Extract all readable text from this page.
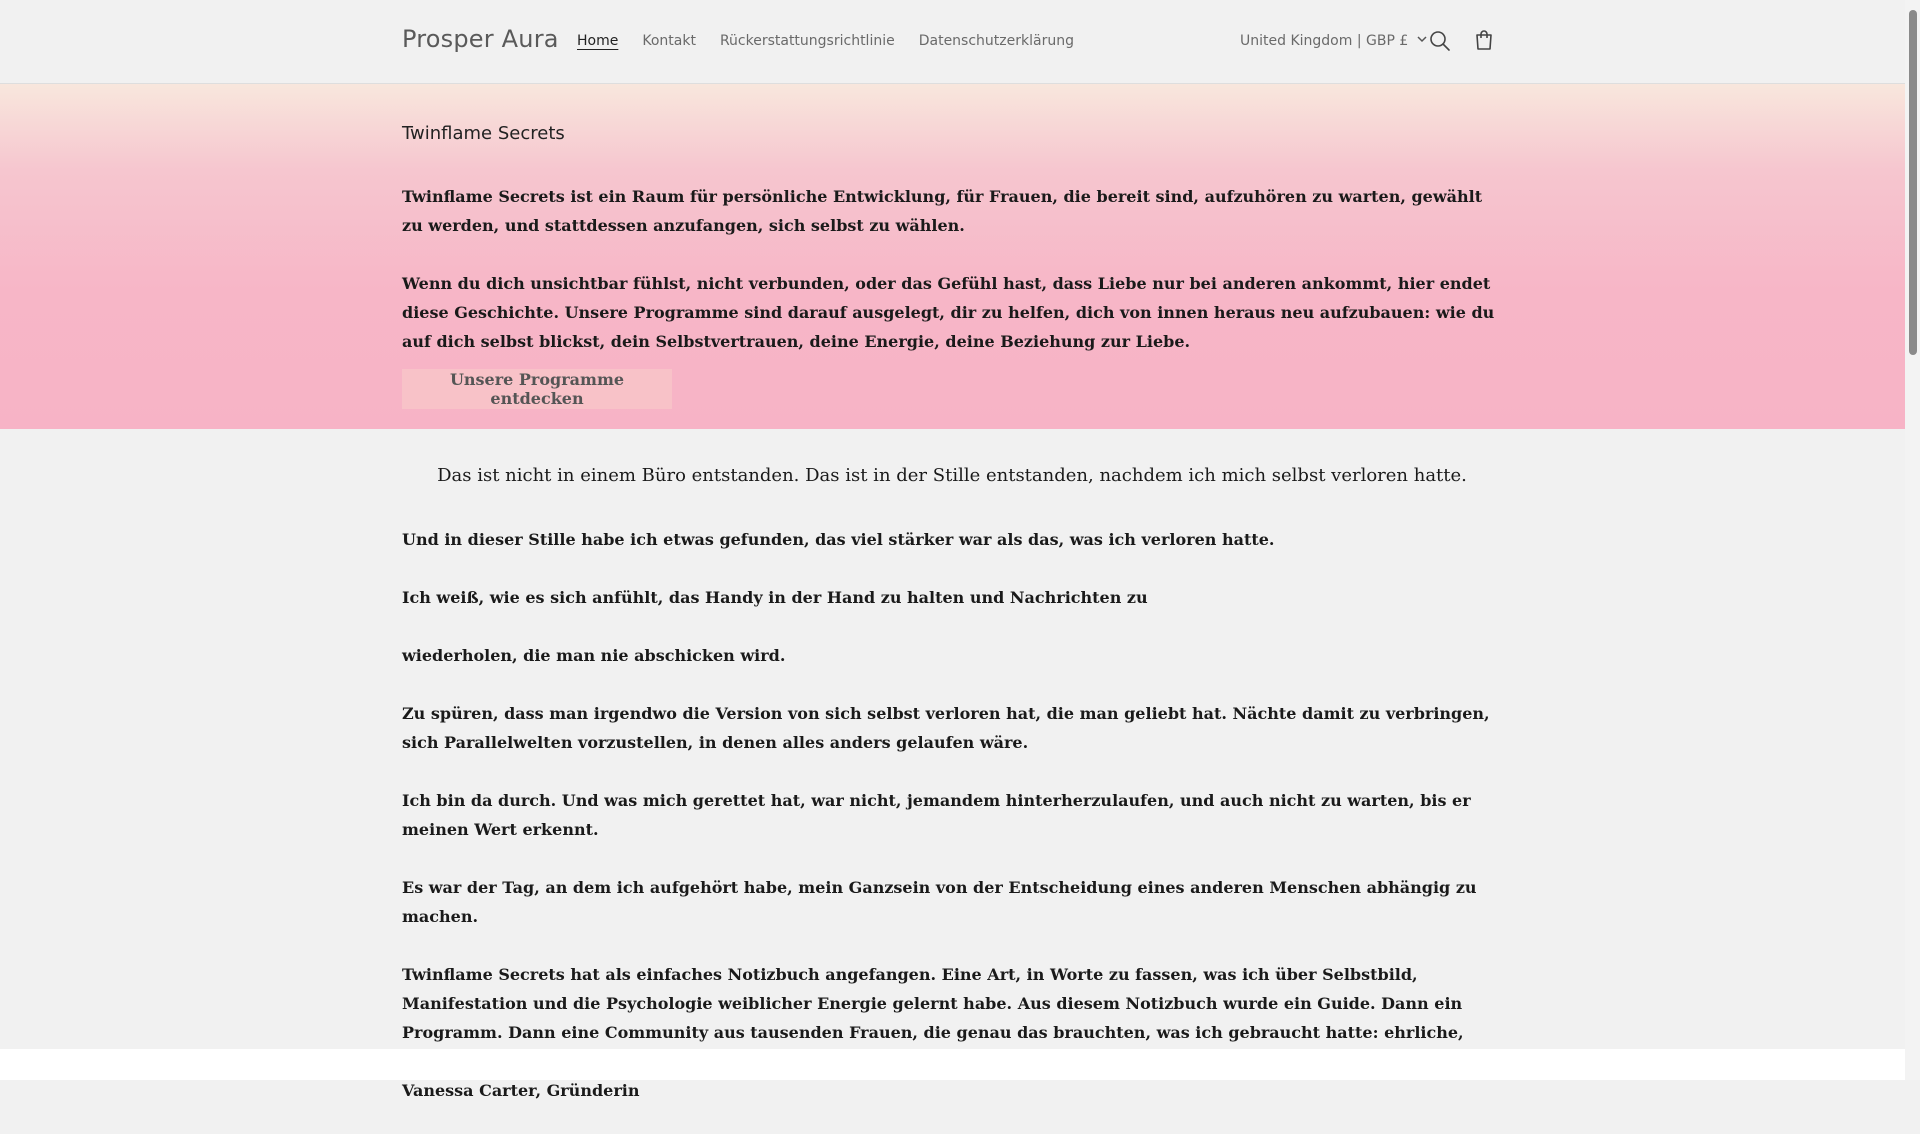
Prosper Aura	Home	Kontakt	Rückerstattungsrichtlinie	Datenschutzerklärung	United Kingdom | GBP £
Twinflame Secrets

Twinflame Secrets ist ein Raum für persönliche Entwicklung, für Frauen, die bereit sind, aufzuhören zu warten, gewählt zu werden, und stattdessen anzufangen, sich selbst zu wählen.

Wenn du dich unsichtbar fühlst, nicht verbunden, oder das Gefühl hast, dass Liebe nur bei anderen ankommt, hier endet diese Geschichte. Unsere Programme sind darauf ausgelegt, dir zu helfen, dich von innen heraus neu aufzubauen: wie du auf dich selbst blickst, dein Selbstvertrauen, deine Energie, deine Beziehung zur Liebe.

Unsere Programme entdecken
Das ist nicht in einem Büro entstanden. Das ist in der Stille entstanden, nachdem ich mich selbst verloren hatte.

Und in dieser Stille habe ich etwas gefunden, das viel stärker war als das, was ich verloren hatte.

Ich weiß, wie es sich anfühlt, das Handy in der Hand zu halten und Nachrichten zu

wiederholen, die man nie abschicken wird.

Zu spüren, dass man irgendwo die Version von sich selbst verloren hat, die man geliebt hat. Nächte damit zu verbringen, sich Parallelwelten vorzustellen, in denen alles anders gelaufen wäre.

Ich bin da durch. Und was mich gerettet hat, war nicht, jemandem hinterherzulaufen, und auch nicht zu warten, bis er meinen Wert erkennt.

Es war der Tag, an dem ich aufgehört habe, mein Ganzsein von der Entscheidung eines anderen Menschen abhängig zu machen.

Twinflame Secrets hat als einfaches Notizbuch angefangen. Eine Art, in Worte zu fassen, was ich über Selbstbild, Manifestation und die Psychologie weiblicher Energie gelernt habe. Aus diesem Notizbuch wurde ein Guide. Dann ein Programm. Dann eine Community aus tausenden Frauen, die genau das brauchten, was ich gebraucht hatte: ehrliche, Vanessa Carter, Gründerin
